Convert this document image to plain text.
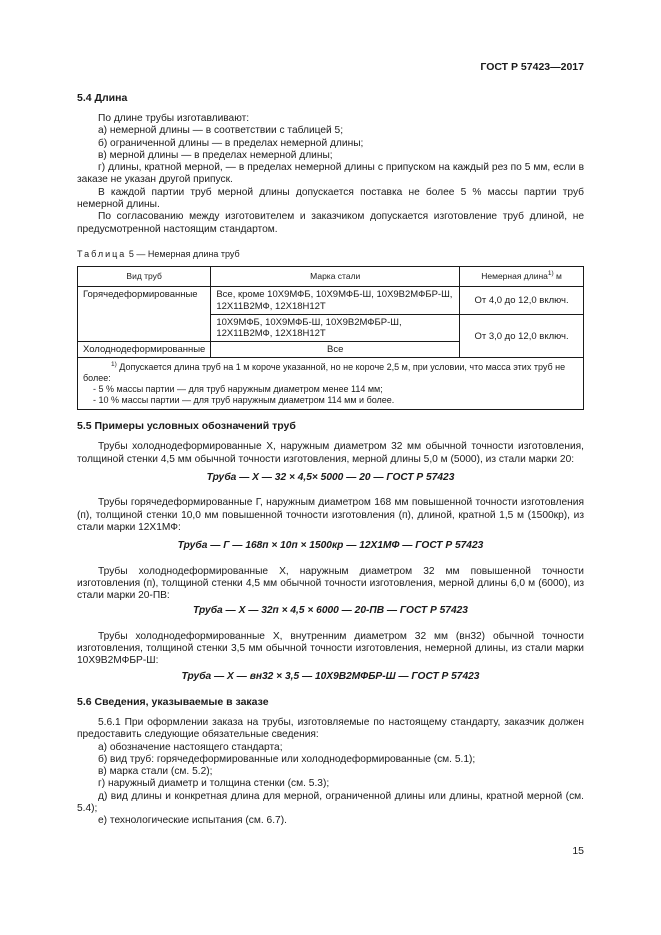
ГОСТ Р 57423—2017
5.4 Длина

По длине трубы изготавливают:

а) немерной длины — в соответствии с таблицей 5;

б) ограниченной длины — в пределах немерной длины;

в) мерной длины — в пределах немерной длины;

г) длины, кратной мерной, — в пределах немерной длины с припуском на каждый рез по 5 мм, если в заказе не указан другой припуск.

В каждой партии труб мерной длины допускается поставка не более 5 % массы партии труб немерной длины.

По согласованию между изготовителем и заказчиком допускается изготовление труб длиной, не предусмотренной настоящим стандартом.

Таблица 5 — Немерная длина труб
Вид труб	Марка стали	Немерная длина$^{1)}$ м
Горячедеформированные	Все, кроме 10Х9МФБ, 10Х9МФБ-Ш, 10Х9В2МФБР-Ш, 12Х11В2МФ, 12Х18Н12Т	От 4,0 до 12,0 включ.
	10Х9МФБ, 10Х9МФБ-Ш, 10Х9В2МФБР-Ш, 12Х11В2МФ, 12Х18Н12Т	От 3,0 до 12,0 включ.
Холоднодеформированные	Все	

$^{1)}$ Допускается длина труб на 1 м короче указанной, но не короче 2,5 м, при условии, что масса этих труб не более:
- 5 % массы партии — для труб наружным диаметром менее 114 мм;
- 10 % массы партии — для труб наружным диаметром 114 мм и более.		
5.5 Примеры условных обозначений труб

Трубы холоднодеформированные Х, наружным диаметром 32 мм обычной точности изготовления, толщиной стенки 4,5 мм обычной точности изготовления, мерной длины 5,0 м (5000), из стали марки 20:

Труба — Х — 32 × 4,5× 5000 — 20 — ГОСТ Р 57423

Трубы горячедеформированные Г, наружным диаметром 168 мм повышенной точности изготовления (п), толщиной стенки 10,0 мм повышенной точности изготовления (п), длиной, кратной 1,5 м (1500кр), из стали марки 12Х1МФ:

Труба — Г — 168п × 10п × 1500кр — 12Х1МФ — ГОСТ Р 57423

Трубы холоднодеформированные Х, наружным диаметром 32 мм повышенной точности изготовления (п), толщиной стенки 4,5 мм обычной точности изготовления, мерной длины 6,0 м (6000), из стали марки 20-ПВ:

Труба — Х — 32п × 4,5 × 6000 — 20-ПВ — ГОСТ Р 57423

Трубы холоднодеформированные Х, внутренним диаметром 32 мм (вн32) обычной точности изготовления, толщиной стенки 3,5 мм обычной точности изготовления, немерной длины, из стали марки 10Х9В2МФБР-Ш:

Труба — Х — вн32 × 3,5 — 10Х9В2МФБР-Ш — ГОСТ Р 57423

5.6 Сведения, указываемые в заказе

5.6.1 При оформлении заказа на трубы, изготовляемые по настоящему стандарту, заказчик должен предоставить следующие обязательные сведения:

а) обозначение настоящего стандарта;

б) вид труб: горячедеформированные или холоднодеформированные (см. 5.1);

в) марка стали (см. 5.2);

г) наружный диаметр и толщина стенки (см. 5.3);

д) вид длины и конкретная длина для мерной, ограниченной длины или длины, кратной мерной (см. 5.4);

е) технологические испытания (см. 6.7).

15
